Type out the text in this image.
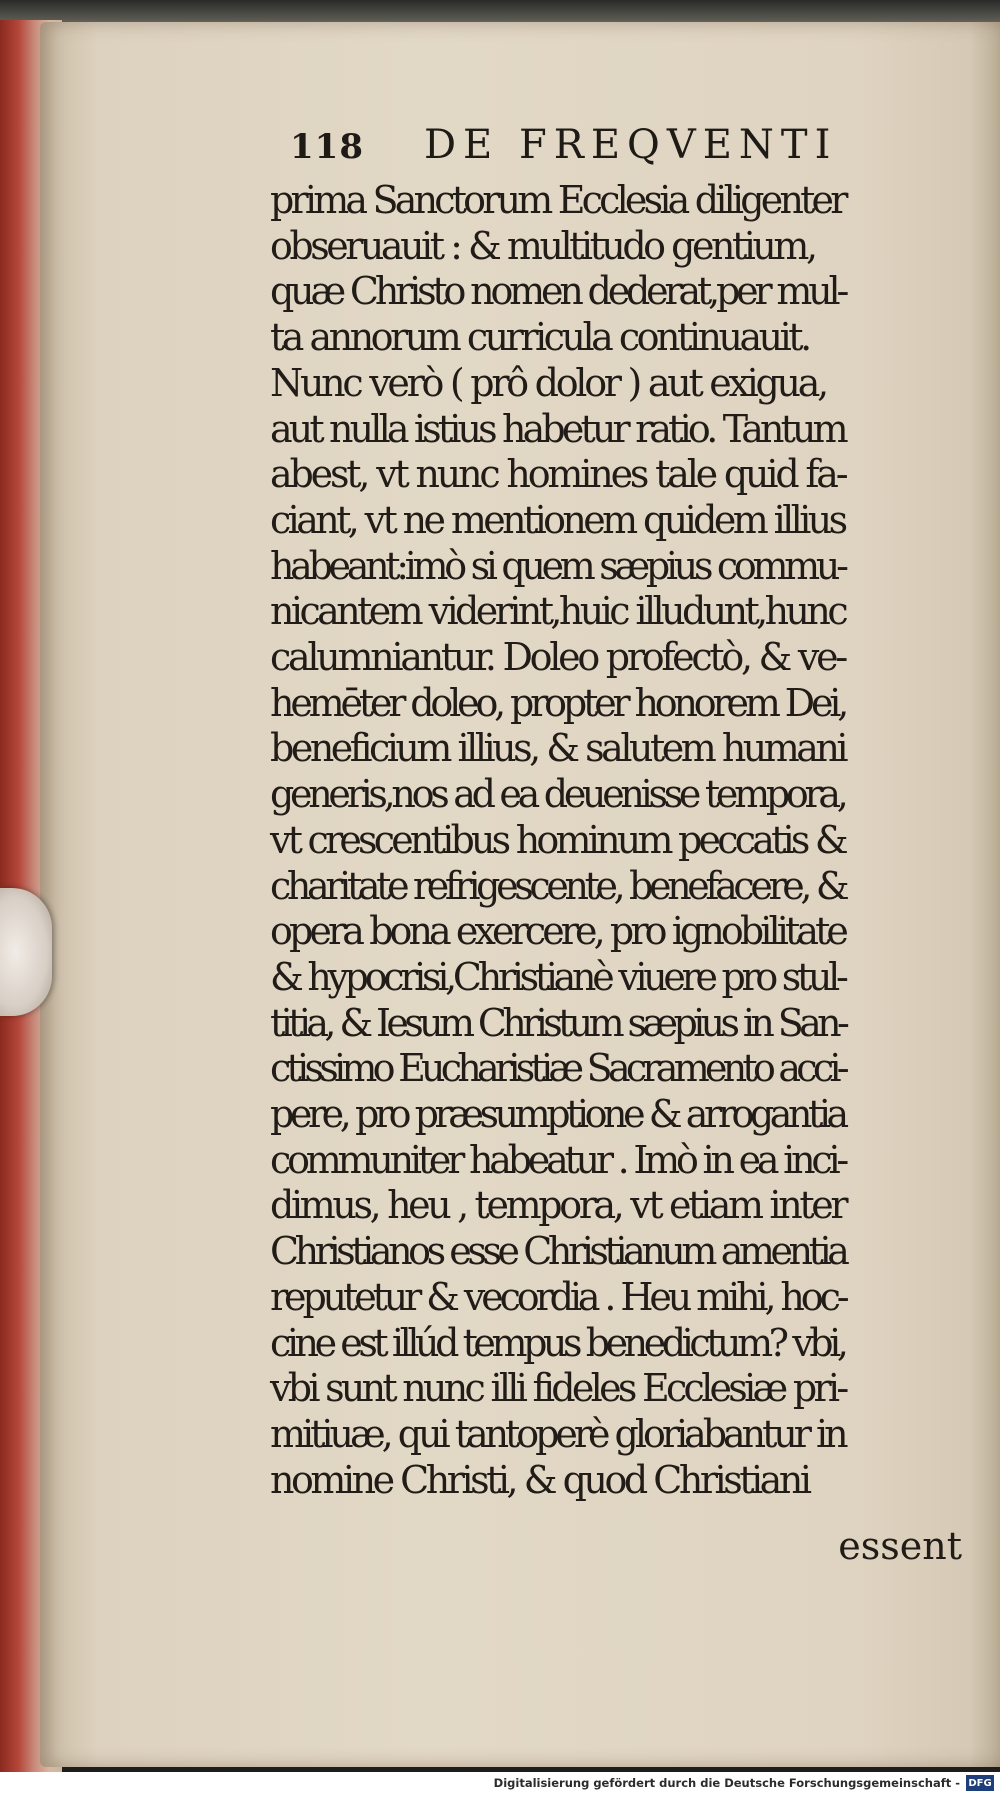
118 DE FREQVENTI
prima Sanctorum Ecclesia diligenter
obseruauit : & multitudo gentium,
quæ Christo nomen dederat,per mul-
ta annorum curricula continuauit.
Nunc verò ( prô dolor ) aut exigua,
aut nulla istius habetur ratio. Tantum
abest, vt nunc homines tale quid fa-
ciant, vt ne mentionem quidem illius
habeant:imò si quem sæpius commu-
nicantem viderint,huic illudunt,hunc
calumniantur. Doleo profectò, & ve-
hemēter doleo, propter honorem Dei,
beneficium illius, & salutem humani
generis,nos ad ea deuenisse tempora,
vt crescentibus hominum peccatis &
charitate refrigescente, benefacere, &
opera bona exercere, pro ignobilitate
& hypocrisi,Christianè viuere pro stul-
titia, & Iesum Christum sæpius in San-
ctissimo Eucharistiæ Sacramento acci-
pere, pro præsumptione & arrogantia
communiter habeatur . Imò in ea inci-
dimus, heu , tempora, vt etiam inter
Christianos esse Christianum amentia
reputetur & vecordia . Heu mihi, hoc-
cine est illúd tempus benedictum? vbi,
vbi sunt nunc illi fideles Ecclesiæ pri-
mitiuæ, qui tantoperè gloriabantur in
nomine Christi, & quod Christiani
essent
Digitalisierung gefördert durch die Deutsche Forschungsgemeinschaft - DFG
